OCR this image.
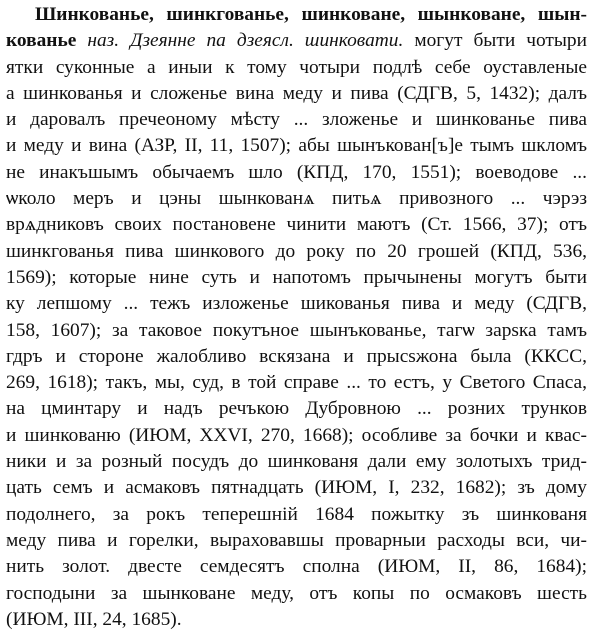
Шинкованье, шинкгованье, шинковане, шынковане, шын-
кованье наз. Дзеянне па дзеясл. шинковати. могут быти чотыри
ятки суконные а иныи к тому чотыри подлѣ себе оуставленые
а шинкованья и сложенье вина меду и пива (СДГВ, 5, 1432); далъ
и даровалъ пречеоному мѣсту ... зложенье и шинкованье пива
и меду и вина (АЗР, II, 11, 1507); абы шынъкован[ъ]е тымъ шкломъ
не инакъшымъ обычаемъ шло (КПД, 170, 1551); воеводове ...
ѡколо меръ и цэны шынкованѧ питьѧ привозного ... чэрэз
врѧдниковъ своих постановене чинити маютъ (Ст. 1566, 37); отъ
шинкгованья пива шинкового до року по 20 грошей (КПД, 536,
1569); которые нине суть и напотомъ прычынены могутъ быти
ку лепшому ... тежъ изложенье шикованья пива и меду (СДГВ,
158, 1607); за таковое покутъное шынъкованье, тагѡ зарѕка тамъ
гдръ и стороне жалобливо вскязана и прысѕжона была (ККСС,
269, 1618); такъ, мы, суд, в той справе ... то естъ, у Светого Спаса,
на цминтару и надъ речъкою Дубровною ... розних трунков
и шинкованю (ИЮМ, XXVI, 270, 1668); особливе за бочки и квас-
ники и за розный посудъ до шинкованя дали ему золотыхъ трид-
цать семъ и асмаковъ пятнадцать (ИЮМ, I, 232, 1682); зъ дому
подолнего, за рокъ теперешнiй 1684 пожытку зъ шинкованя
меду пива и горелки, выраховавшы проварныи расходы вси, чи-
нить золот. двесте семдесятъ сполна (ИЮМ, II, 86, 1684);
господыни за шынковане меду, отъ копы по осмаковъ шесть
(ИЮМ, III, 24, 1685).
